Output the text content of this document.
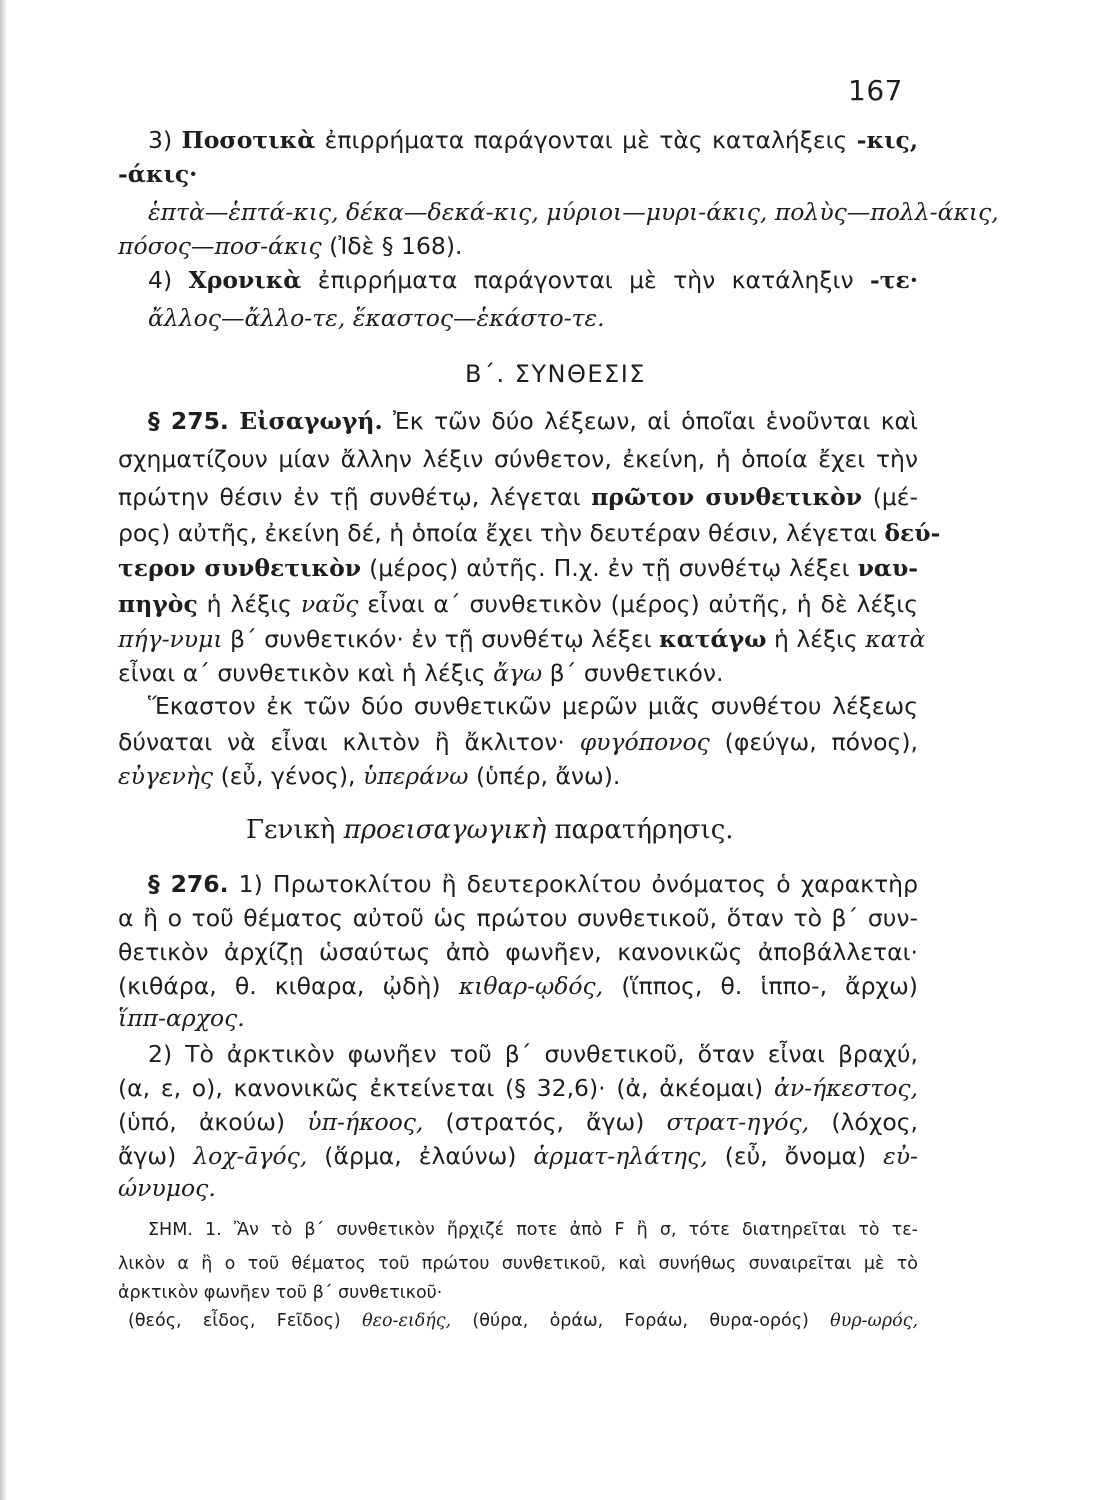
167
3) Ποσοτικὰ ἐπιρρήματα παράγονται μὲ τὰς καταλήξεις -κις,
-άκις·
ἑπτὰ—ἑπτά-κις, δέκα—δεκά-κις, μύριοι—μυρι-άκις, πολὺς—πολλ-άκις,
πόσος—ποσ-άκις (Ἰδὲ § 168).
4) Χρονικὰ ἐπιρρήματα παράγονται μὲ τὴν κατάληξιν -τε·
ἄλλος—ἄλλο-τε, ἕκαστος—ἑκάστο-τε.
Β΄. ΣΥΝΘΕΣΙΣ
§ 275. Εἰσαγωγή. Ἐκ τῶν δύο λέξεων, αἱ ὁποῖαι ἑνοῦνται καὶ
σχηματίζουν μίαν ἄλλην λέξιν σύνθετον, ἐκείνη, ἡ ὁποία ἔχει τὴν
πρώτην θέσιν ἐν τῇ συνθέτῳ, λέγεται πρῶτον συνθετικὸν (μέ-
ρος) αὐτῆς, ἐκείνη δέ, ἡ ὁποία ἔχει τὴν δευτέραν θέσιν, λέγεται δεύ-
τερον συνθετικὸν (μέρος) αὐτῆς. Π.χ. ἐν τῇ συνθέτῳ λέξει ναυ-
πηγὸς ἡ λέξις ναῦς εἶναι α΄ συνθετικὸν (μέρος) αὐτῆς, ἡ δὲ λέξις
πήγ-νυμι β΄ συνθετικόν· ἐν τῇ συνθέτῳ λέξει κατάγω ἡ λέξις κατὰ
εἶναι α΄ συνθετικὸν καὶ ἡ λέξις ἄγω β΄ συνθετικόν.
Ἕκαστον ἐκ τῶν δύο συνθετικῶν μερῶν μιᾶς συνθέτου λέξεως
δύναται νὰ εἶναι κλιτὸν ἢ ἄκλιτον· φυγόπονος (φεύγω, πόνος),
εὐγενὴς (εὖ, γένος), ὑπεράνω (ὑπέρ, ἄνω).
Γενικὴ προεισαγωγικὴ παρατήρησις.
§ 276. 1) Πρωτοκλίτου ἢ δευτεροκλίτου ὀνόματος ὁ χαρακτὴρ
α ἢ ο τοῦ θέματος αὐτοῦ ὡς πρώτου συνθετικοῦ, ὅταν τὸ β΄ συν-
θετικὸν ἀρχίζῃ ὡσαύτως ἀπὸ φωνῆεν, κανονικῶς ἀποβάλλεται·
(κιθάρα, θ. κιθαρα, ᾠδὴ) κιθαρ-ῳδός, (ἵππος, θ. ἱππο-, ἄρχω)
ἵππ-αρχος.
2) Τὸ ἀρκτικὸν φωνῆεν τοῦ β΄ συνθετικοῦ, ὅταν εἶναι βραχύ,
(α, ε, ο), κανονικῶς ἐκτείνεται (§ 32,6)· (ἀ, ἀκέομαι) ἀν-ήκεστος,
(ὑπό, ἀκούω) ὑπ-ήκοος, (στρατός, ἄγω) στρατ-ηγός, (λόχος,
ἄγω) λοχ-āγός, (ἅρμα, ἐλαύνω) ἁρματ-ηλάτης, (εὖ, ὄνομα) εὐ-
ώνυμος.
ΣΗΜ. 1. Ἂν τὸ β΄ συνθετικὸν ἤρχιζέ ποτε ἀπὸ F ἢ σ, τότε διατηρεῖται τὸ τε-
λικὸν α ἢ ο τοῦ θέματος τοῦ πρώτου συνθετικοῦ, καὶ συνήθως συναιρεῖται μὲ τὸ
ἀρκτικὸν φωνῆεν τοῦ β΄ συνθετικοῦ·
(θεός, εἶδος, Fεῖδος) θεο-ειδής, (θύρα, ὁράω, Fοράω, θυρα-ορός) θυρ-ωρός,
